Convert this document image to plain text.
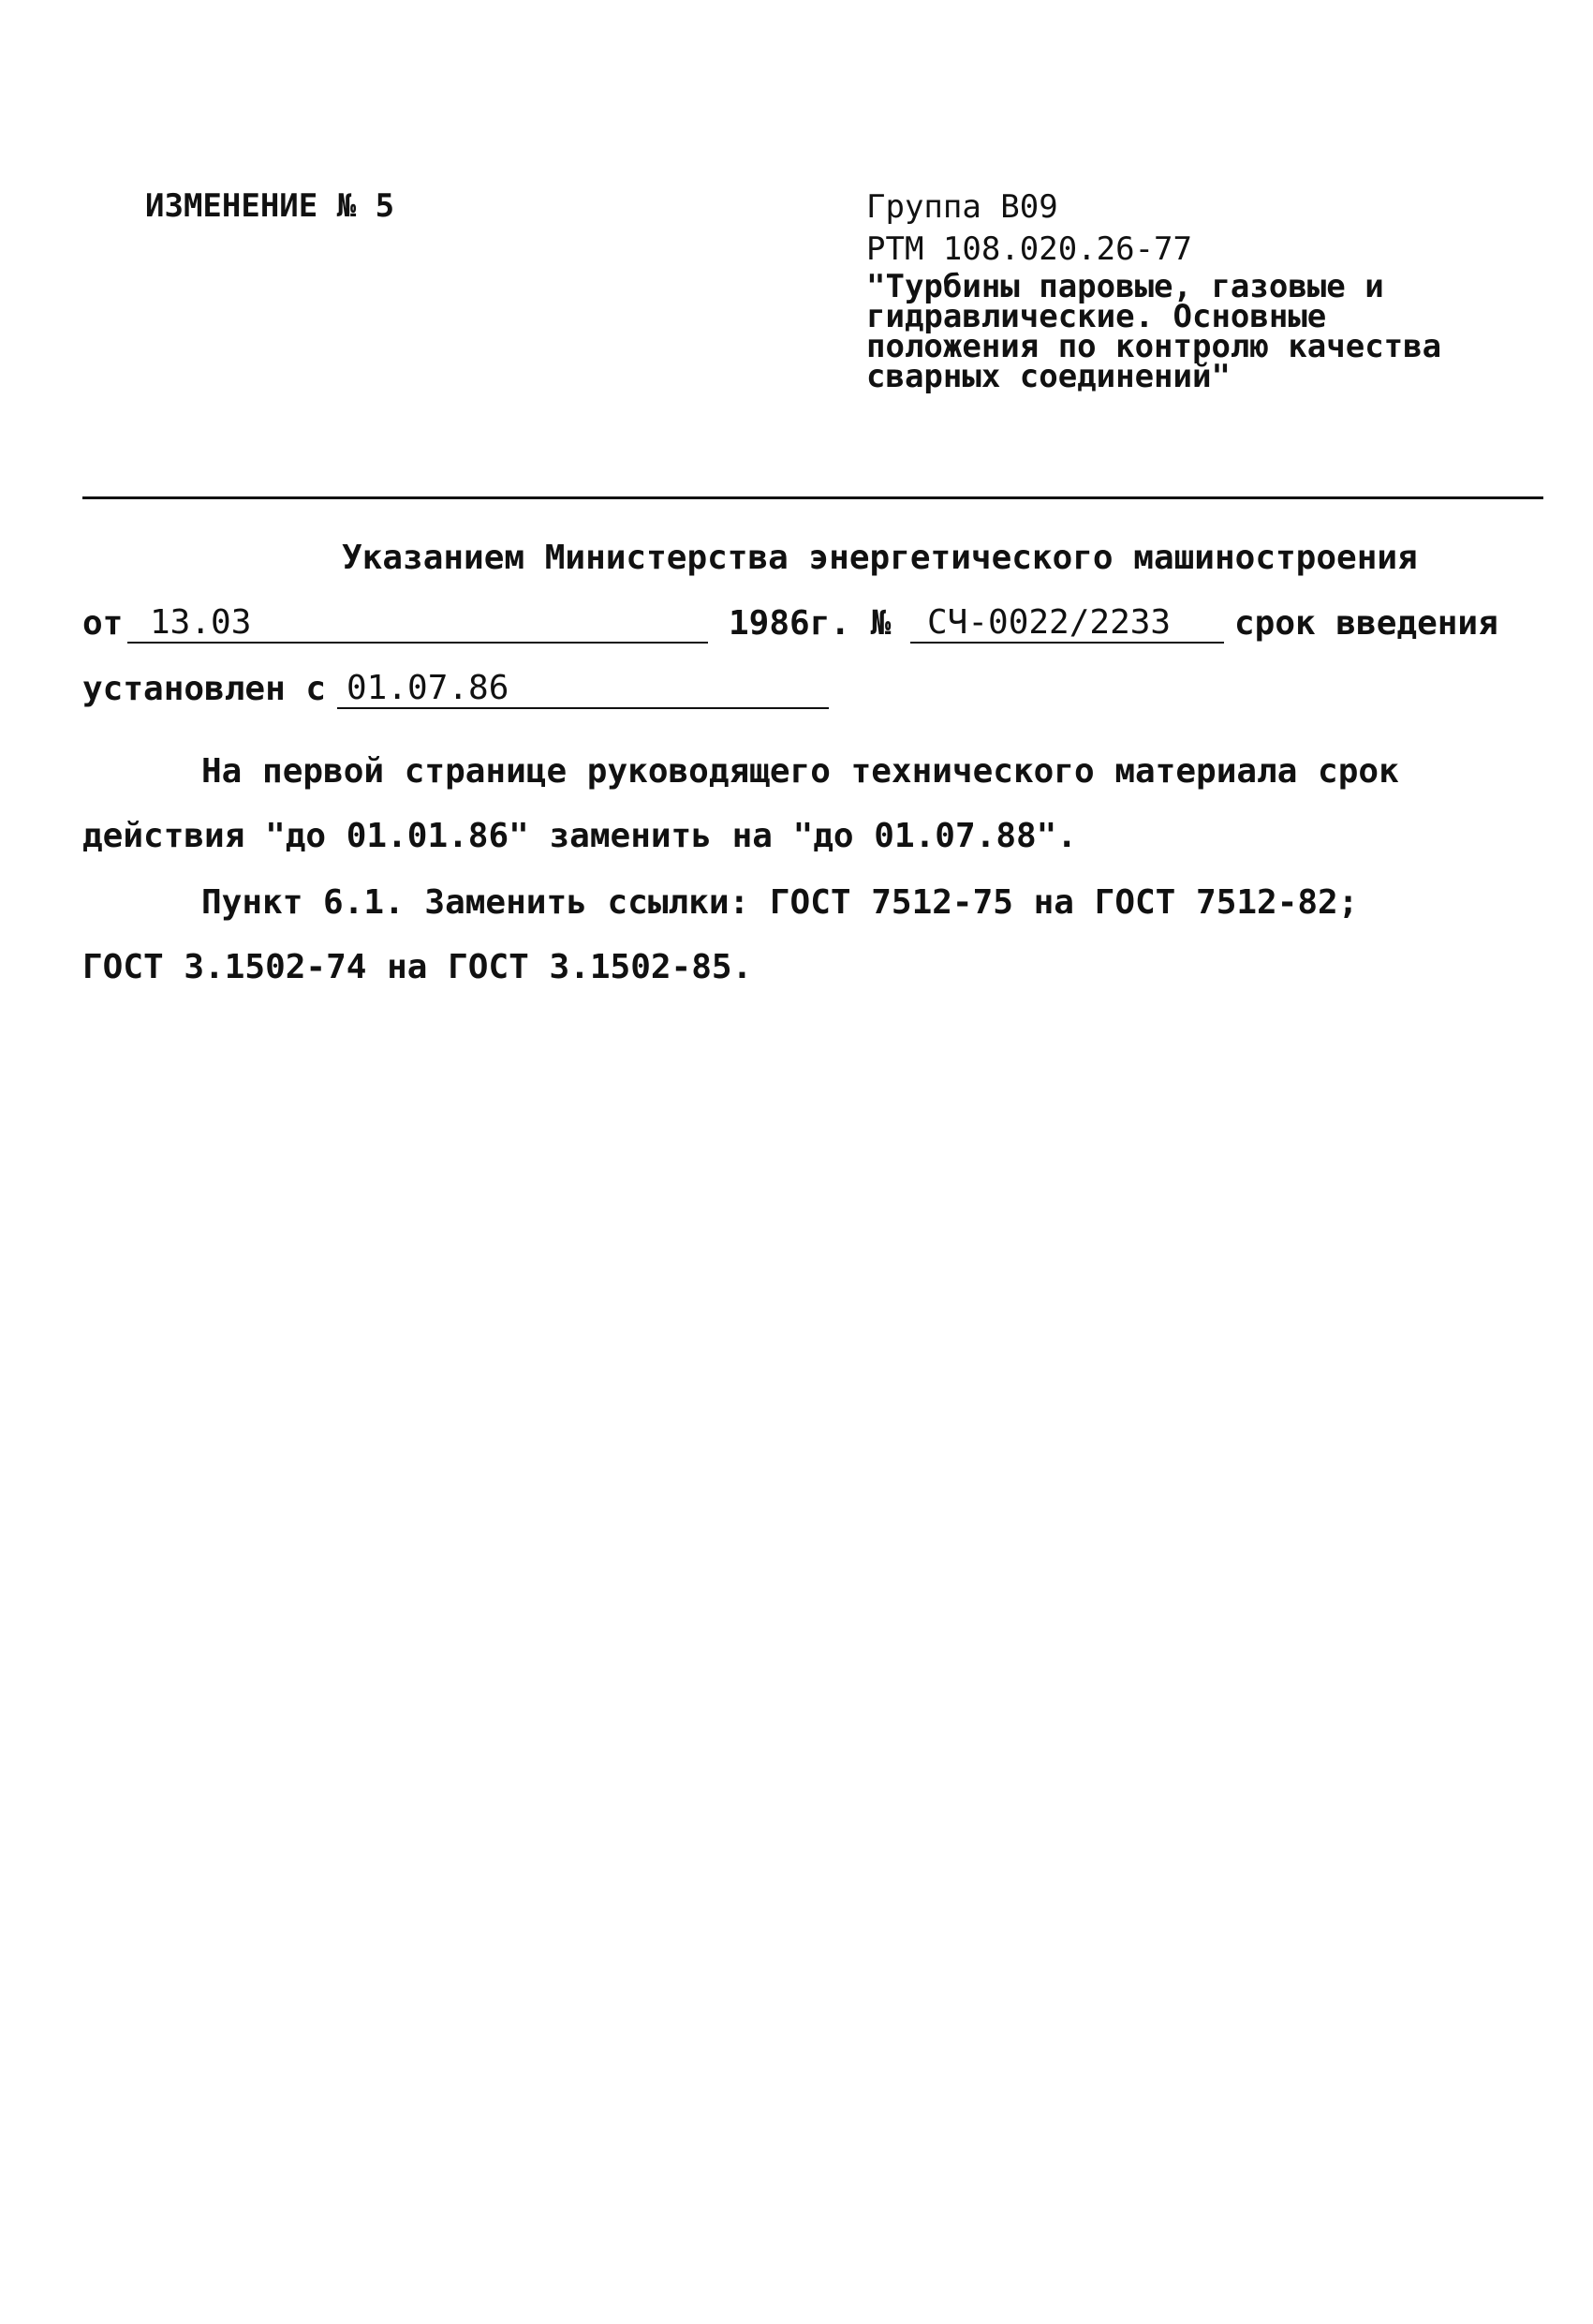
ИЗМЕНЕНИЕ № 5	Группа В09
РТМ 108.020.26-77
"Турбины паровые, газовые и
гидравлические. Основные
положения по контролю качества
сварных соединений"
Указанием Министерства энергетического машиностроения
от 13.03	1986г. №	СЧ-0022/2233	срок введения
установлен с 01.07.86
На первой странице руководящего технического материала срок
действия "до 01.01.86" заменить на "до 01.07.88".
Пункт 6.1. Заменить ссылки: ГОСТ 7512-75 на ГОСТ 7512-82;
ГОСТ 3.1502-74 на ГОСТ 3.1502-85.
